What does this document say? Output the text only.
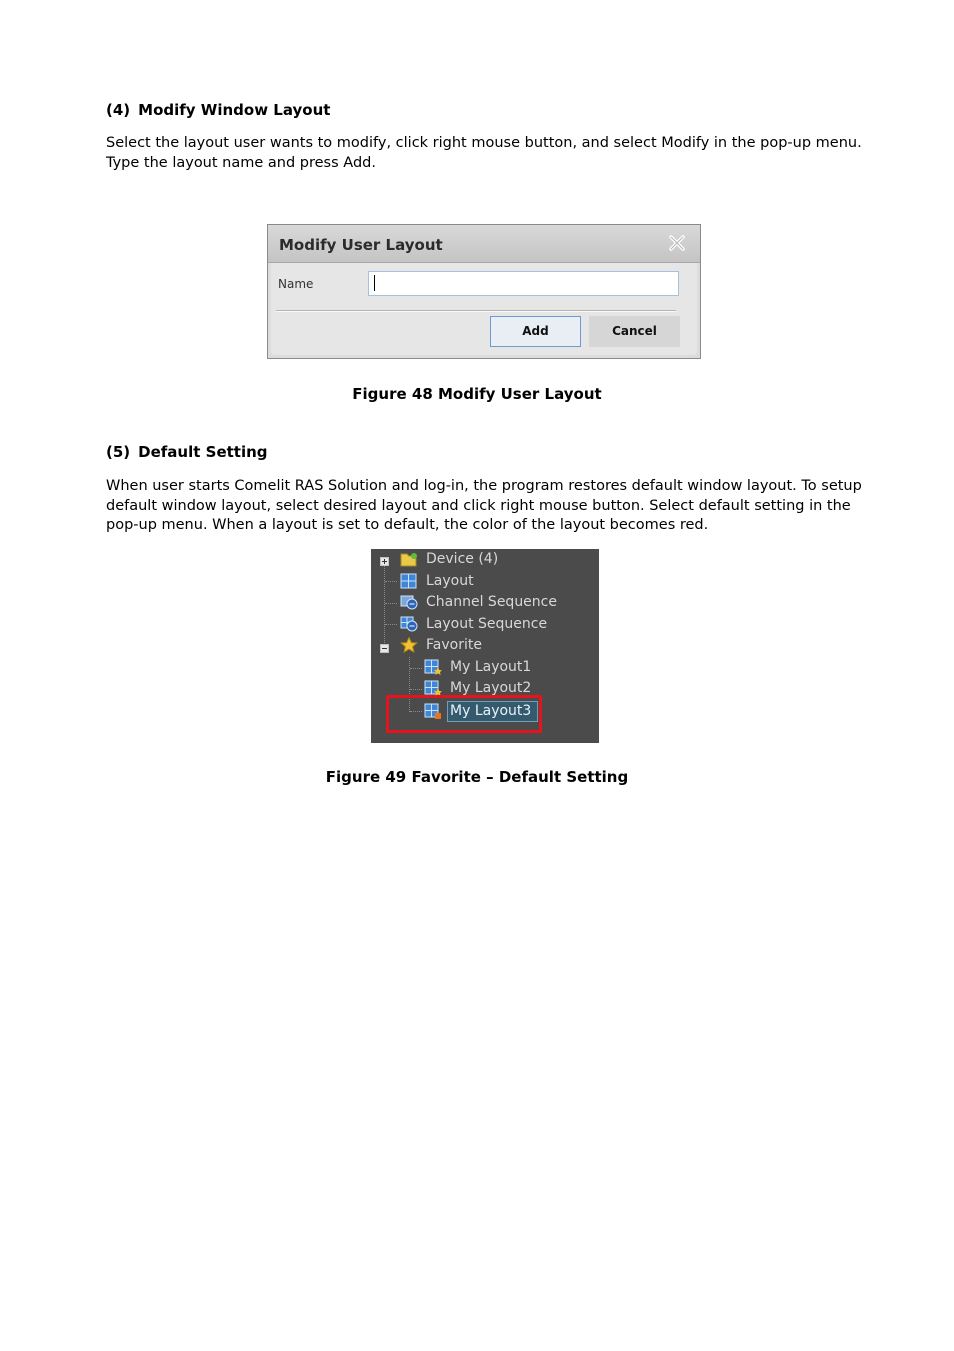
(4) Modify Window Layout
Select the layout user wants to modify, click right mouse button, and select Modify in the pop-up menu.
Type the layout name and press Add.
Modify User Layout
Name
Add	Cancel
Figure 48 Modify User Layout
(5) Default Setting
When user starts Comelit RAS Solution and log-in, the program restores default window layout. To setup
default window layout, select desired layout and click right mouse button. Select default setting in the
pop-up menu. When a layout is set to default, the color of the layout becomes red.
Device (4)
Layout
Channel Sequence
Layout Sequence
Favorite
My Layout1
My Layout2
My Layout3
Figure 49 Favorite – Default Setting
